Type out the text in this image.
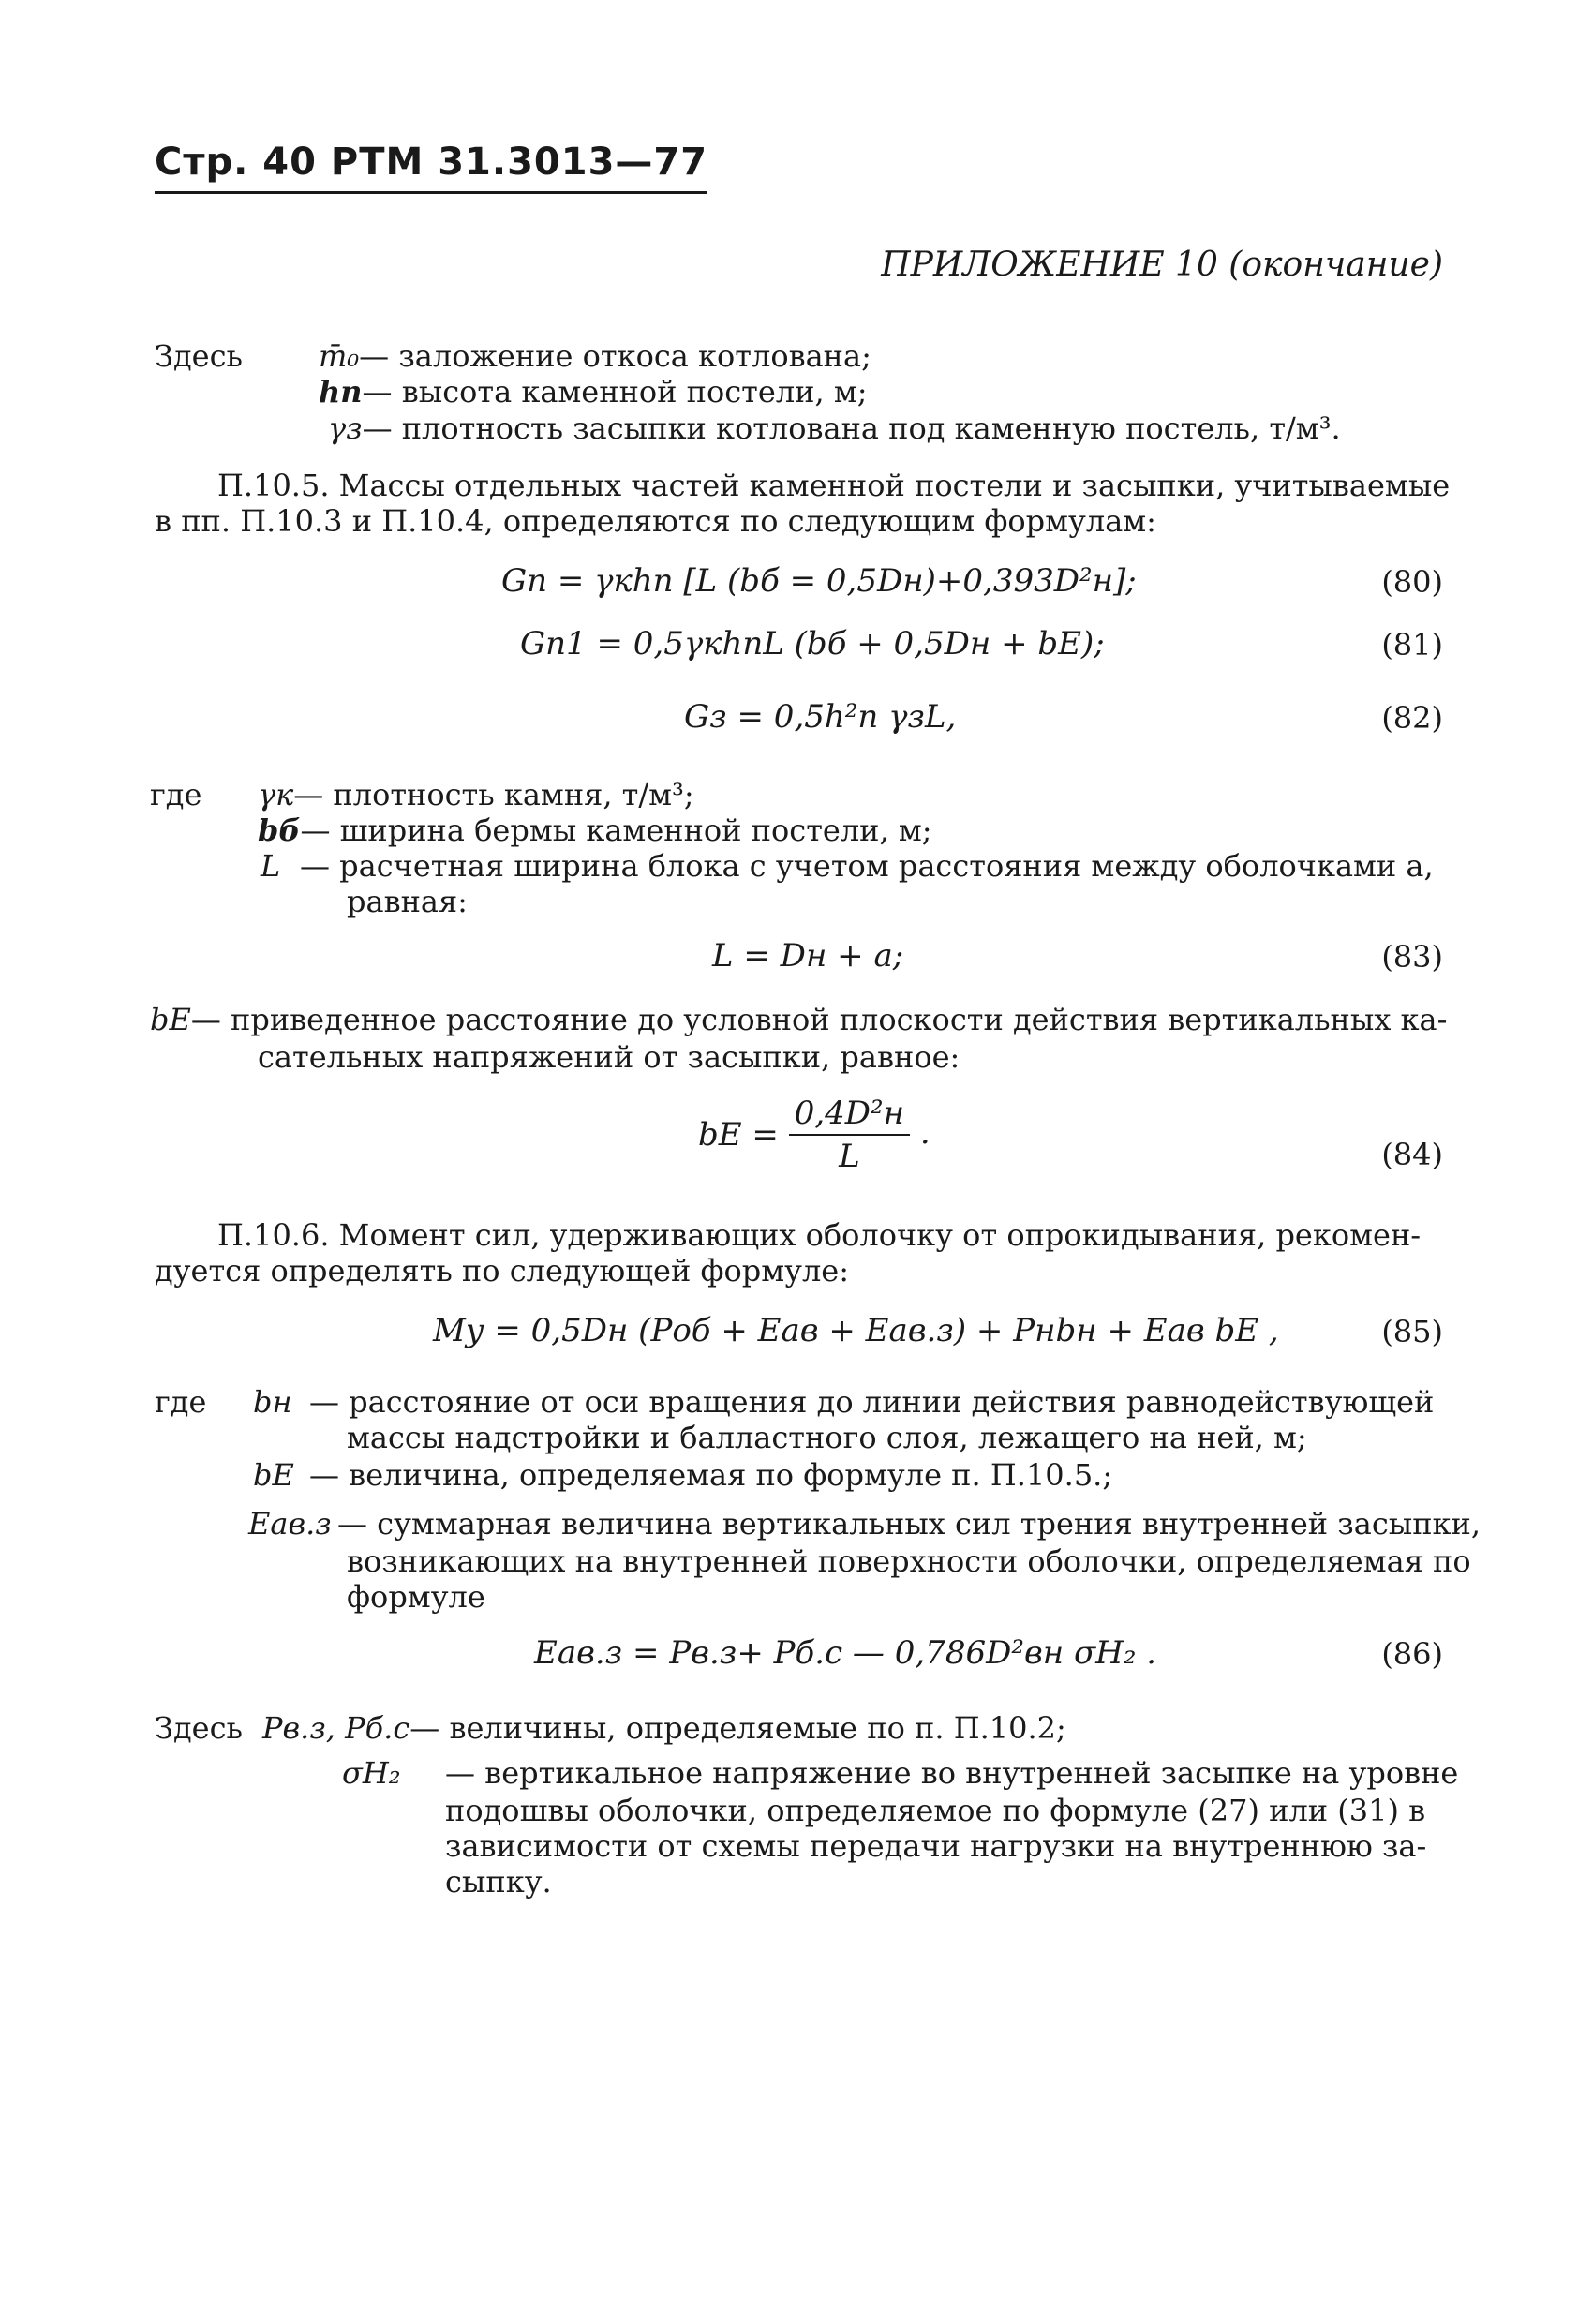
Стр. 40 РТМ 31.3013—77
ПРИЛОЖЕНИЕ 10 (окончание)
Здесь	m̄₀— заложение откоса котлована;
hп— высота каменной постели, м;
γз— плотность засыпки котлована под каменную постель, т/м³.
П.10.5. Массы отдельных частей каменной постели и засыпки, учитываемые
в пп. П.10.3 и П.10.4, определяются по следующим формулам:
Gп = γкhп [L (bб = 0,5Dн)+0,393D²н];	(80)
Gп1 = 0,5γкhпL (bб + 0,5Dн + bE);	(81)
Gз = 0,5h²п γзL,	(82)
где γк— плотность камня, т/м³;
bб— ширина бермы каменной постели, м;
L — расчетная ширина блока с учетом расстояния между оболочками a,
равная:
L = Dн + a;	(83)
bE— приведенное расстояние до условной плоскости действия вертикальных ка-
сательных напряжений от засыпки, равное:
bE = $\frac{\text{0,4D²н}}{L}$ .
(84)
П.10.6. Момент сил, удерживающих оболочку от опрокидывания, рекомен-
дуется определять по следующей формуле:
Mу = 0,5Dн (Pоб + Eав + Eав.з) + Pнbн + Eав bE ,	(85)
где bн — расстояние от оси вращения до линии действия равнодействующей
массы надстройки и балластного слоя, лежащего на ней, м;
bE — величина, определяемая по формуле п. П.10.5.;
Eав.з — суммарная величина вертикальных сил трения внутренней засыпки,
возникающих на внутренней поверхности оболочки, определяемая по
формуле
Eав.з = Pв.з+ Pб.с — 0,786D²вн σH₂ .	(86)
Здесь Pв.з, Pб.с— величины, определяемые по п. П.10.2;
σH₂ — вертикальное напряжение во внутренней засыпке на уровне
подошвы оболочки, определяемое по формуле (27) или (31) в
зависимости от схемы передачи нагрузки на внутреннюю за-
сыпку.
